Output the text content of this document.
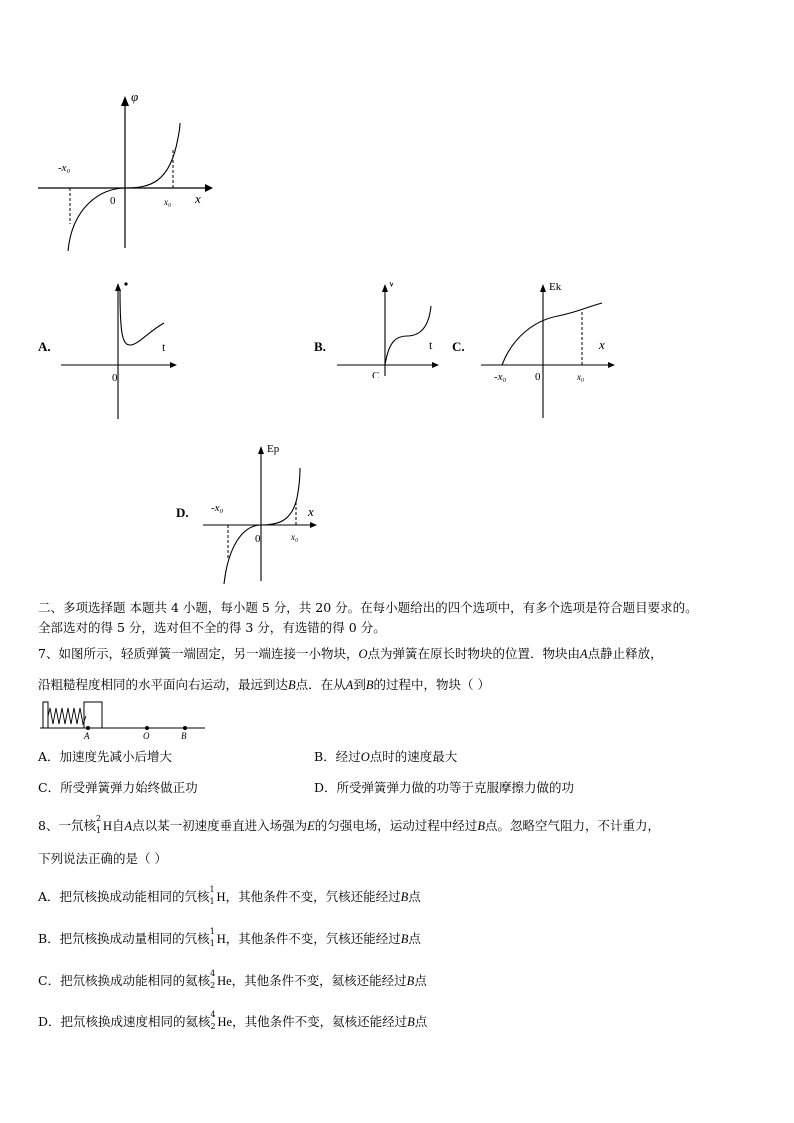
φ
x
0
-x₀
x₀
A.	t
0
B.	t
C
C.
Ek
x
-x₀	0	x₀
D.
Ep
x
-x₀
0	x₀
二、多项选择题 本题共 4 小题，每小题 5 分，共 20 分。在每小题给出的四个选项中，有多个选项是符合题目要求的。
全部选对的得 5 分，选对但不全的得 3 分，有选错的得 0 分。
7、如图所示，轻质弹簧一端固定，另一端连接一小物块，O点为弹簧在原长时物块的位置．物块由A点静止释放，
沿粗糙程度相同的水平面向右运动，最远到达B点．在从A到B的过程中，物块（ ）
A	O	B
A．加速度先减小后增大	B．经过O点时的速度最大
C．所受弹簧弹力始终做正功	D．所受弹簧弹力做的功等于克服摩擦力做的功
8、一氘核 2
1 H自A点以某一初速度垂直进入场强为E的匀强电场，运动过程中经过B点。忽略空气阻力，不计重力，
下列说法正确的是（ ）
A．把氘核换成动能相同的氕核 1
1 H，其他条件不变，氕核还能经过B点
B．把氘核换成动量相同的氕核 1
1 H，其他条件不变，氕核还能经过B点
C．把氘核换成动能相同的氦核 4
2 He，其他条件不变，氦核还能经过B点
D．把氘核换成速度相同的氦核 4
2 He，其他条件不变，氦核还能经过B点
